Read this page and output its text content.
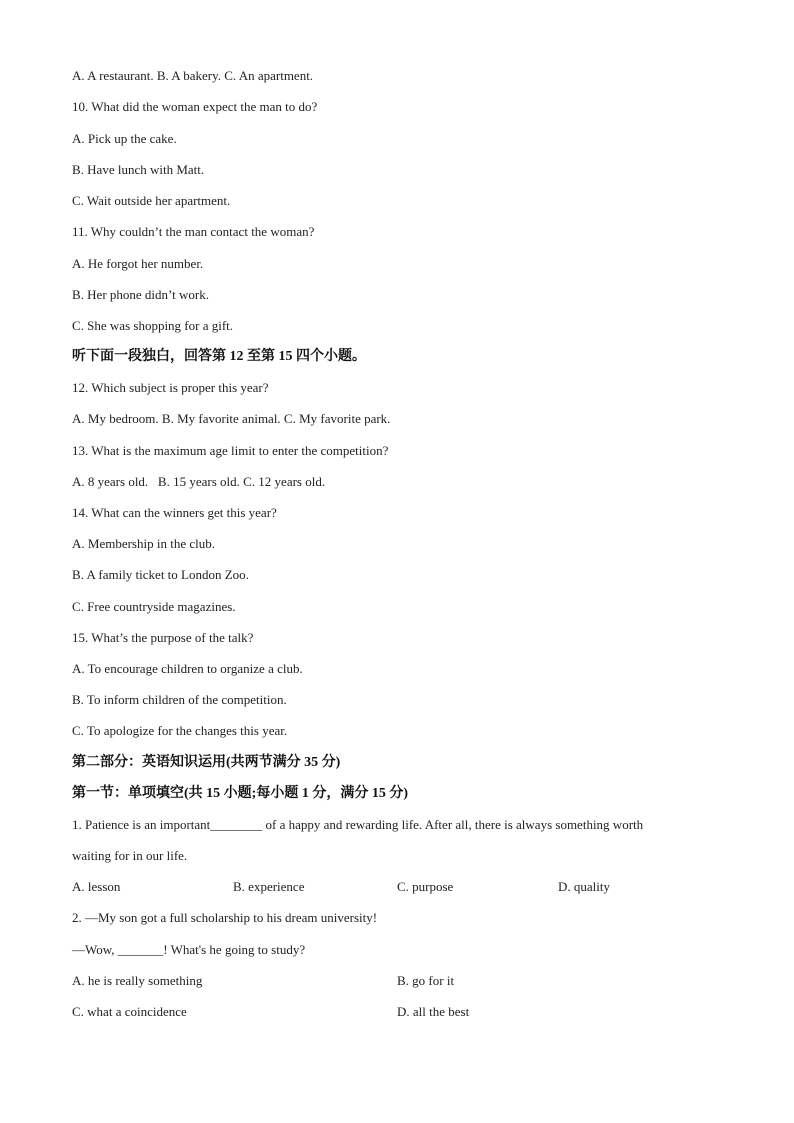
A. A restaurant. B. A bakery. C. An apartment.
10. What did the woman expect the man to do?
A. Pick up the cake.
B. Have lunch with Matt.
C. Wait outside her apartment.
11. Why couldn’t the man contact the woman?
A. He forgot her number.
B. Her phone didn’t work.
C. She was shopping for a gift.
听下面一段独白，回答第 12 至第 15 四个小题。
12. Which subject is proper this year?
A. My bedroom. B. My favorite animal. C. My favorite park.
13. What is the maximum age limit to enter the competition?
A. 8 years old.   B. 15 years old. C. 12 years old.
14. What can the winners get this year?
A. Membership in the club.
B. A family ticket to London Zoo.
C. Free countryside magazines.
15. What’s the purpose of the talk?
A. To encourage children to organize a club.
B. To inform children of the competition.
C. To apologize for the changes this year.
第二部分：英语知识运用(共两节满分 35 分)
第一节：单项填空(共 15 小题;每小题 1 分，满分 15 分)
1. Patience is an important________ of a happy and rewarding life. After all, there is always something worth
waiting for in our life.
A. lesson	B. experience	C. purpose	D. quality
2. —My son got a full scholarship to his dream university!
—Wow, _______! What's he going to study?
A. he is really something	B. go for it
C. what a coincidence	D. all the best
